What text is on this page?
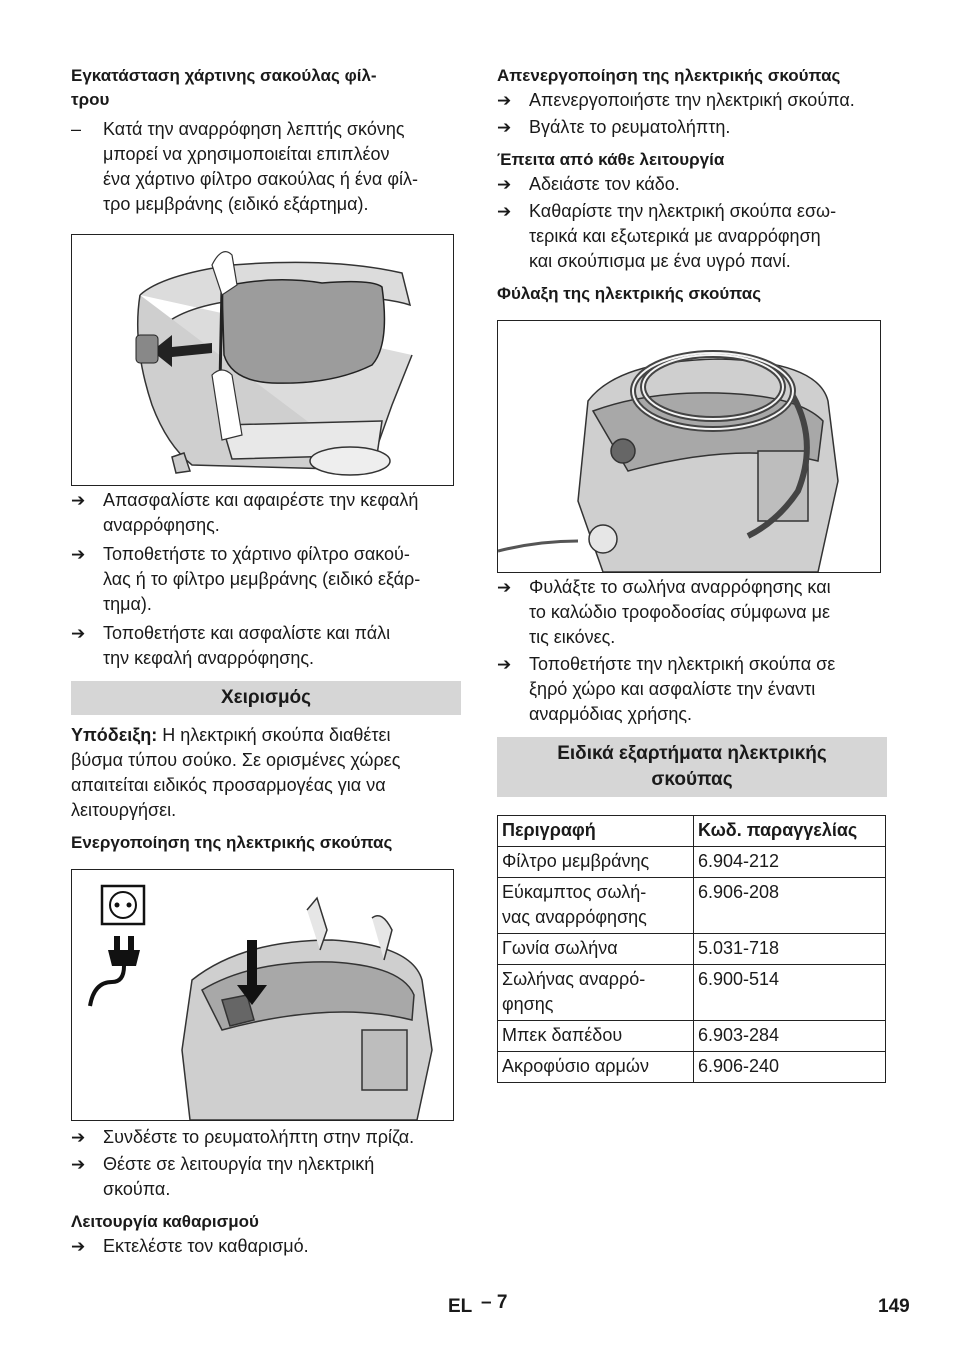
Εγκατάσταση χάρτινης σακούλας φίλ-
τρου

–	Κατά την αναρρόφηση λεπτής σκόνης
μπορεί να χρησιμοποιείται επιπλέον
ένα χάρτινο φίλτρο σακούλας ή ένα φίλ-
τρο μεμβράνης (ειδικό εξάρτημα).
➔ Απασφαλίστε και αφαιρέστε την κεφαλή
αναρρόφησης.
➔ Τοποθετήστε το χάρτινο φίλτρο σακού-
λας ή το φίλτρο μεμβράνης (ειδικό εξάρ-
τημα).
➔ Τοποθετήστε και ασφαλίστε και πάλι
την κεφαλή αναρρόφησης.
Χειρισμός

Υπόδειξη: Η ηλεκτρική σκούπα διαθέτει
βύσμα τύπου σούκο. Σε ορισμένες χώρες
απαιτείται ειδικός προσαρμογέας για να
λειτουργήσει.

Ενεργοποίηση της ηλεκτρικής σκούπας

➔ Συνδέστε το ρευματολήπτη στην πρίζα.
➔ Θέστε σε λειτουργία την ηλεκτρική
σκούπα.

Λειτουργία καθαρισμού

➔ Εκτελέστε τον καθαρισμό.

Απενεργοποίηση της ηλεκτρικής σκούπας

➔ Απενεργοποιήστε την ηλεκτρική σκούπα.
➔ Βγάλτε το ρευματολήπτη.

Έπειτα από κάθε λειτουργία

➔ Αδειάστε τον κάδο.
➔ Καθαρίστε την ηλεκτρική σκούπα εσω-
τερικά και εξωτερικά με αναρρόφηση
και σκούπισμα με ένα υγρό πανί.

Φύλαξη της ηλεκτρικής σκούπας

➔ Φυλάξτε το σωλήνα αναρρόφησης και
το καλώδιο τροφοδοσίας σύμφωνα με
τις εικόνες.
➔ Τοποθετήστε την ηλεκτρική σκούπα σε
ξηρό χώρο και ασφαλίστε την έναντι
αναρμόδιας χρήσης.
Ειδικά εξαρτήματα ηλεκτρικής
σκούπας
Περιγραφή	Κωδ. παραγγελίας
Φίλτρο μεμβράνης	6.904-212
Εύκαμπτος σωλή-
νας αναρρόφησης	6.906-208
Γωνία σωλήνα	5.031-718
Σωλήνας αναρρό-
φησης	6.900-514
Μπεκ δαπέδου	6.903-284
Ακροφύσιο αρμών	6.906-240
EL – 7	149
